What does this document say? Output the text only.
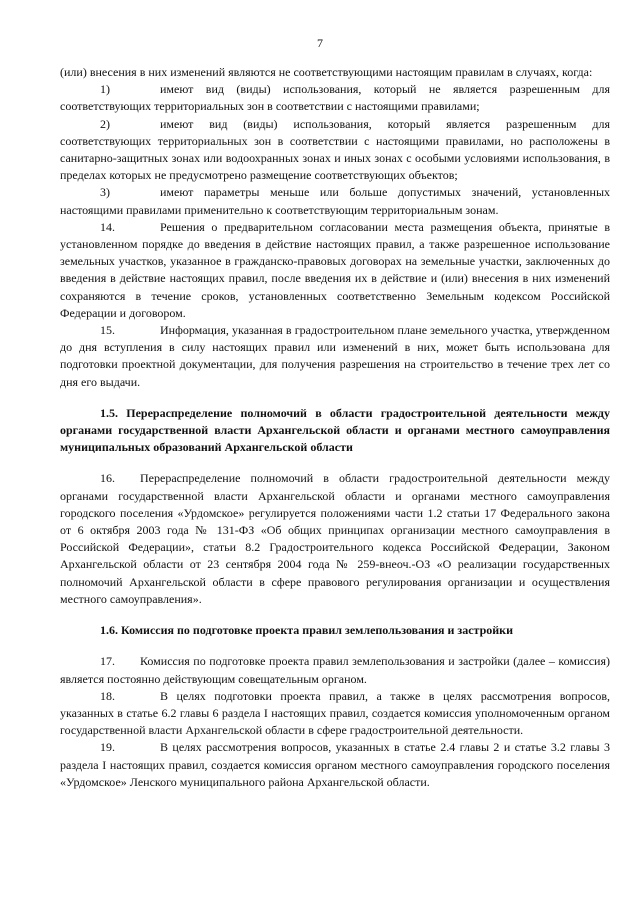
7

(или) внесения в них изменений являются не соответствующими настоящим правилам в случаях, когда:

1)	имеют вид (виды) использования, который не является разрешенным для соответствующих территориальных зон в соответствии с настоящими правилами;

2)	имеют вид (виды) использования, который является разрешенным для соответствующих территориальных зон в соответствии с настоящими правилами, но расположены в санитарно-защитных зонах или водоохранных зонах и иных зонах с особыми условиями использования, в пределах которых не предусмотрено размещение соответствующих объектов;

3)	имеют параметры меньше или больше допустимых значений, установленных настоящими правилами применительно к соответствующим территориальным зонам.

14.	Решения о предварительном согласовании места размещения объекта, принятые в установленном порядке до введения в действие настоящих правил, а также разрешенное использование земельных участков, указанное в гражданско-правовых договорах на земельные участки, заключенных до введения в действие настоящих правил, после введения их в действие и (или) внесения в них изменений сохраняются в течение сроков, установленных соответственно Земельным кодексом Российской Федерации и договором.

15.	Информация, указанная в градостроительном плане земельного участка, утвержденном до дня вступления в силу настоящих правил или изменений в них, может быть использована для подготовки проектной документации, для получения разрешения на строительство в течение трех лет со дня его выдачи.

1.5. Перераспределение полномочий в области градостроительной деятельности между органами государственной власти Архангельской области и органами местного самоуправления муниципальных образований Архангельской области

16. Перераспределение полномочий в области градостроительной деятельности между органами государственной власти Архангельской области и органами местного самоуправления городского поселения «Урдомское» регулируется положениями части 1.2 статьи 17 Федерального закона от 6 октября 2003 года № 131-ФЗ «Об общих принципах организации местного самоуправления в Российской Федерации», статьи 8.2 Градостроительного кодекса Российской Федерации, Законом Архангельской области от 23 сентября 2004 года № 259-внеоч.-ОЗ «О реализации государственных полномочий Архангельской области в сфере правового регулирования организации и осуществления местного самоуправления».

1.6. Комиссия по подготовке проекта правил землепользования и застройки

17. Комиссия по подготовке проекта правил землепользования и застройки (далее – комиссия) является постоянно действующим совещательным органом.

18.	В целях подготовки проекта правил, а также в целях рассмотрения вопросов, указанных в статье 6.2 главы 6 раздела I настоящих правил, создается комиссия уполномоченным органом государственной власти Архангельской области в сфере градостроительной деятельности.

19.	В целях рассмотрения вопросов, указанных в статье 2.4 главы 2 и статье 3.2 главы 3 раздела I настоящих правил, создается комиссия органом местного самоуправления городского поселения «Урдомское» Ленского муниципального района Архангельской области.
